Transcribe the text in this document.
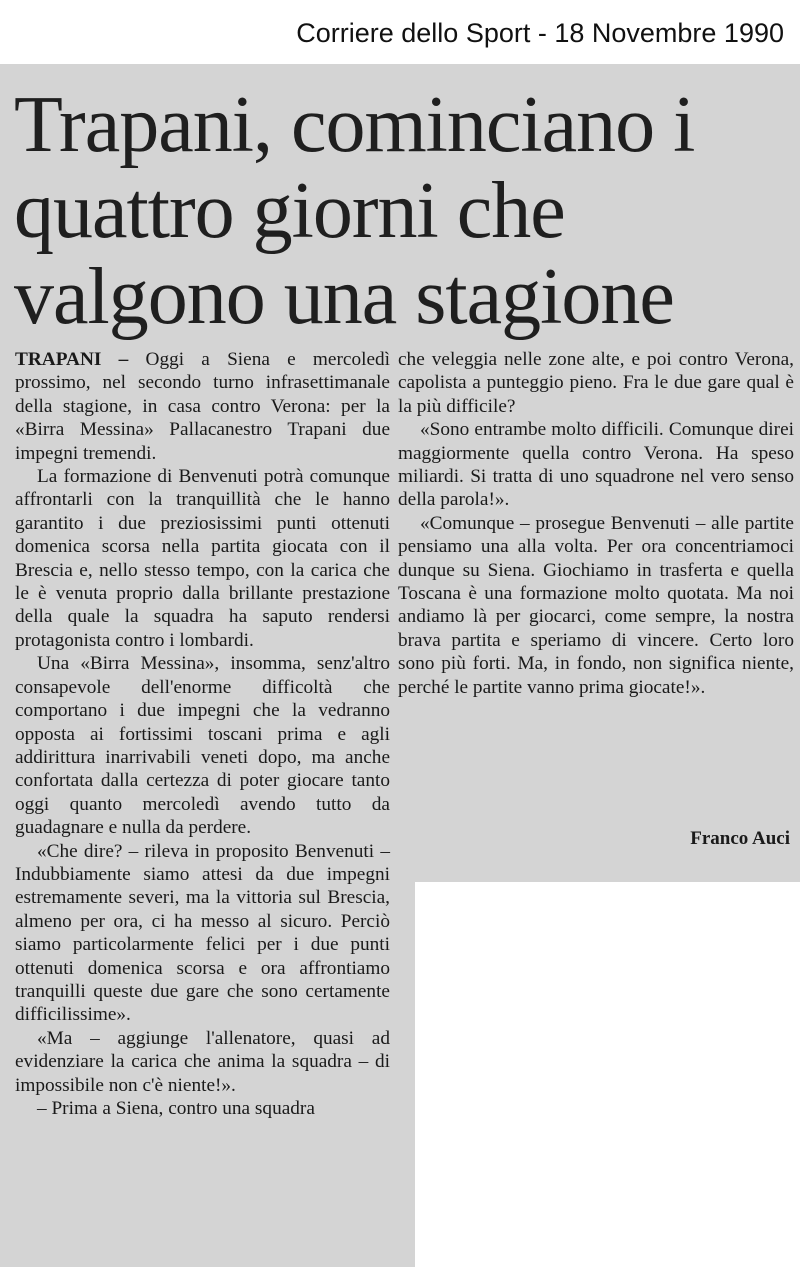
Corriere dello Sport - 18 Novembre 1990
Trapani, cominciano i quattro giorni che valgono una stagione

TRAPANI – Oggi a Siena e mercoledì prossimo, nel secondo turno infrasettimanale della stagione, in casa contro Verona: per la «Birra Messina» Pallacanestro Trapani due impegni tremendi.

La formazione di Benvenuti potrà comunque affrontarli con la tranquillità che le hanno garantito i due preziosissimi punti ottenuti domenica scorsa nella partita giocata con il Brescia e, nello stesso tempo, con la carica che le è venuta proprio dalla brillante prestazione della quale la squadra ha saputo rendersi protagonista contro i lombardi.

Una «Birra Messina», insomma, senz'altro consapevole dell'enorme difficoltà che comportano i due impegni che la vedranno opposta ai fortissimi toscani prima e agli addirittura inarrivabili veneti dopo, ma anche confortata dalla certezza di poter giocare tanto oggi quanto mercoledì avendo tutto da guadagnare e nulla da perdere.

«Che dire? – rileva in proposito Benvenuti – Indubbiamente siamo attesi da due impegni estremamente severi, ma la vittoria sul Brescia, almeno per ora, ci ha messo al sicuro. Perciò siamo particolarmente felici per i due punti ottenuti domenica scorsa e ora affrontiamo tranquilli queste due gare che sono certamente difficilissime».

«Ma – aggiunge l'allenatore, quasi ad evidenziare la carica che anima la squadra – di impossibile non c'è niente!».

– Prima a Siena, contro una squadra

che veleggia nelle zone alte, e poi contro Verona, capolista a punteggio pieno. Fra le due gare qual è la più difficile?

«Sono entrambe molto difficili. Comunque direi maggiormente quella contro Verona. Ha speso miliardi. Si tratta di uno squadrone nel vero senso della parola!».

«Comunque – prosegue Benvenuti – alle partite pensiamo una alla volta. Per ora concentriamoci dunque su Siena. Giochiamo in trasferta e quella Toscana è una formazione molto quotata. Ma noi andiamo là per giocarci, come sempre, la nostra brava partita e speriamo di vincere. Certo loro sono più forti. Ma, in fondo, non significa niente, perché le partite vanno prima giocate!».

Franco Auci
